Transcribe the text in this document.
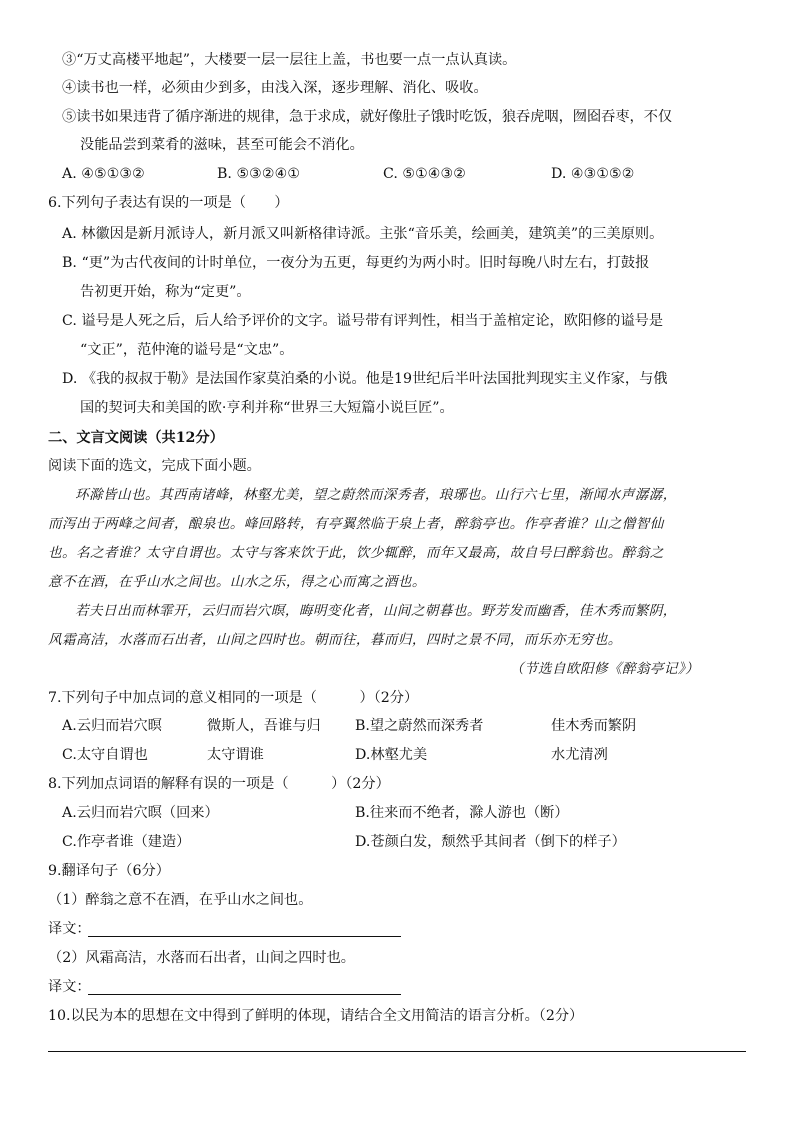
③“万丈高楼平地起”，大楼要一层一层往上盖，书也要一点一点认真读。
④读书也一样，必须由少到多，由浅入深，逐步理解、消化、吸收。
⑤读书如果违背了循序渐进的规律，急于求成，就好像肚子饿时吃饭，狼吞虎咽，囫囵吞枣，不仅
没能品尝到菜肴的滋味，甚至可能会不消化。
A. ④⑤①③②	B. ⑤③②④①	C. ⑤①④③②	D. ④③①⑤②
6.下列句子表达有误的一项是（　　）
A. 林徽因是新月派诗人，新月派又叫新格律诗派。主张“音乐美，绘画美，建筑美”的三美原则。
B. “更”为古代夜间的计时单位，一夜分为五更，每更约为两小时。旧时每晚八时左右，打鼓报
告初更开始，称为“定更”。
C. 谥号是人死之后，后人给予评价的文字。谥号带有评判性，相当于盖棺定论，欧阳修的谥号是
“文正”，范仲淹的谥号是“文忠”。
D. 《我的叔叔于勒》是法国作家莫泊桑的小说。他是19世纪后半叶法国批判现实主义作家，与俄
国的契诃夫和美国的欧·亨利并称“世界三大短篇小说巨匠”。
二、文言文阅读（共12分）
阅读下面的选文，完成下面小题。
环滁皆山也。其西南诸峰，林壑尤美，望之蔚然而深秀者，琅琊也。山行六七里，渐闻水声潺潺，
而泻出于两峰之间者，酿泉也。峰回路转，有亭翼然临于泉上者，醉翁亭也。作亭者谁？山之僧智仙
也。名之者谁？太守自谓也。太守与客来饮于此，饮少辄醉，而年又最高，故自号曰醉翁也。醉翁之
意不在酒，在乎山水之间也。山水之乐，得之心而寓之酒也。
若夫日出而林霏开，云归而岩穴暝，晦明变化者，山间之朝暮也。野芳发而幽香，佳木秀而繁阴，
风霜高洁，水落而石出者，山间之四时也。朝而往，暮而归，四时之景不同，而乐亦无穷也。
（节选自欧阳修《醉翁亭记》）
7.下列句子中加点词的意义相同的一项是（　　　）（2分）
A.云归而岩穴暝	微斯人，吾谁与归 B.望之蔚然而深秀者	佳木秀而繁阴
C.太守自谓也	太守谓谁	D.林壑尤美	水尤清冽
8.下列加点词语的解释有误的一项是（　　　）（2分）
A.云归而岩穴暝（回来）	B.往来而不绝者，滁人游也（断）
C.作亭者谁（建造）	D.苍颜白发，颓然乎其间者（倒下的样子）
9.翻译句子（6分）
（1）醉翁之意不在酒，在乎山水之间也。
译文：
（2）风霜高洁，水落而石出者，山间之四时也。
译文：
10.以民为本的思想在文中得到了鲜明的体现，请结合全文用简洁的语言分析。（2分）
